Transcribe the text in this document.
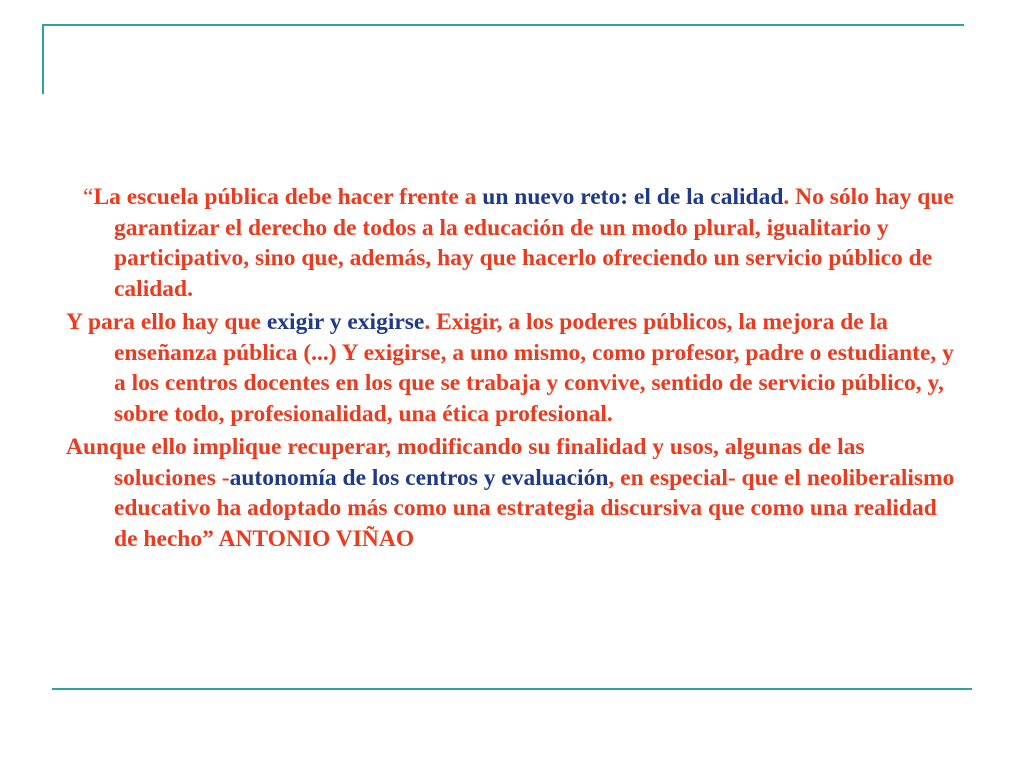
“La escuela pública debe hacer frente a un nuevo reto: el de la calidad. No sólo hay que garantizar el derecho de todos a la educación de un modo plural, igualitario y participativo, sino que, además, hay que hacerlo ofreciendo un servicio público de calidad.

Y para ello hay que exigir y exigirse. Exigir, a los poderes públicos, la mejora de la enseñanza pública (...) Y exigirse, a uno mismo, como profesor, padre o estudiante, y a los centros docentes en los que se trabaja y convive, sentido de servicio público, y, sobre todo, profesionalidad, una ética profesional.

Aunque ello implique recuperar, modificando su finalidad y usos, algunas de las soluciones -autonomía de los centros y evaluación, en especial- que el neoliberalismo educativo ha adoptado más como una estrategia discursiva que como una realidad de hecho” ANTONIO VIÑAO
